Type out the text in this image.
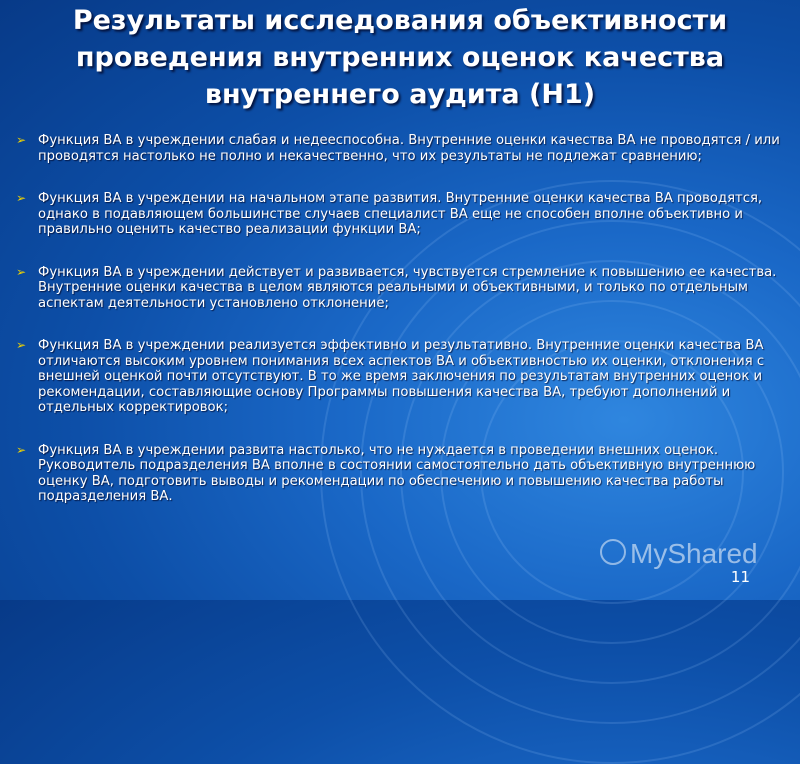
Результаты исследования объективности проведения внутренних оценок качества внутреннего аудита (Н1)
➢ Функция ВА в учреждении слабая и недееспособна. Внутренние оценки качества ВА не проводятся / или проводятся настолько не полно и некачественно, что их результаты не подлежат сравнению;
➢ Функция ВА в учреждении на начальном этапе развития. Внутренние оценки качества ВА проводятся, однако в подавляющем большинстве случаев специалист ВА еще не способен вполне объективно и правильно оценить качество реализации функции ВА;
➢ Функция ВА в учреждении действует и развивается, чувствуется стремление к повышению ее качества. Внутренние оценки качества в целом являются реальными и объективными, и только по отдельным аспектам деятельности установлено отклонение;
➢ Функция ВА в учреждении реализуется эффективно и результативно. Внутренние оценки качества ВА отличаются высоким уровнем понимания всех аспектов ВА и объективностью их оценки, отклонения с внешней оценкой почти отсутствуют. В то же время заключения по результатам внутренних оценок и рекомендации, составляющие основу Программы повышения качества ВА, требуют дополнений и отдельных корректировок;
➢ Функция ВА в учреждении развита настолько, что не нуждается в проведении внешних оценок. Руководитель подразделения ВА вполне в состоянии самостоятельно дать объективную внутреннюю оценку ВА, подготовить выводы и рекомендации по обеспечению и повышению качества работы подразделения ВА.
MyShared
11
